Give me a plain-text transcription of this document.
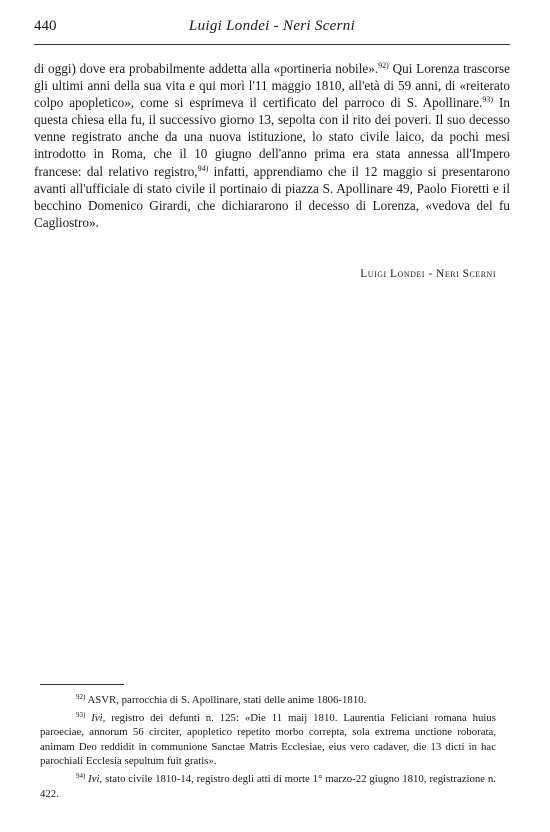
440	Luigi Londei - Neri Scerni

di oggi) dove era probabilmente addetta alla «portineria nobile».$^{92)}$ Qui Lorenza trascorse gli ultimi anni della sua vita e qui morì l'11 maggio 1810, all'età di 59 anni, di «reiterato colpo apopletico», come si esprimeva il certificato del parroco di S. Apollinare.$^{93)}$ In questa chiesa ella fu, il successivo giorno 13, sepolta con il rito dei poveri. Il suo decesso venne registrato anche da una nuova istituzione, lo stato civile laico, da pochi mesi introdotto in Roma, che il 10 giugno dell'anno prima era stata annessa all'Impero francese: dal relativo registro,$^{94)}$ infatti, apprendiamo che il 12 maggio si presentarono avanti all'ufficiale di stato civile il portinaio di piazza S. Apollinare 49, Paolo Fioretti e il becchino Domenico Girardi, che dichiararono il decesso di Lorenza, «vedova del fu Cagliostro».

Luigi Londei - Neri Scerni

$^{92)}$ ASVR, parrocchia di S. Apollinare, stati delle anime 1806-1810.

$^{93)}$ Ivi, registro dei defunti n. 125: «Die 11 maij 1810. Laurentia Feliciani romana huius paroeciae, annorum 56 circiter, apopletico repetito morbo correpta, sola extrema unctione roborata, animam Deo reddidit in communione Sanctae Matris Ecclesiae, eius vero cadaver, die 13 dicti in hac parochiali Ecclesia sepultum fuit gratis».

$^{94)}$ Ivi, stato civile 1810-14, registro degli atti di morte 1° marzo-22 giugno 1810, registrazione n. 422.
